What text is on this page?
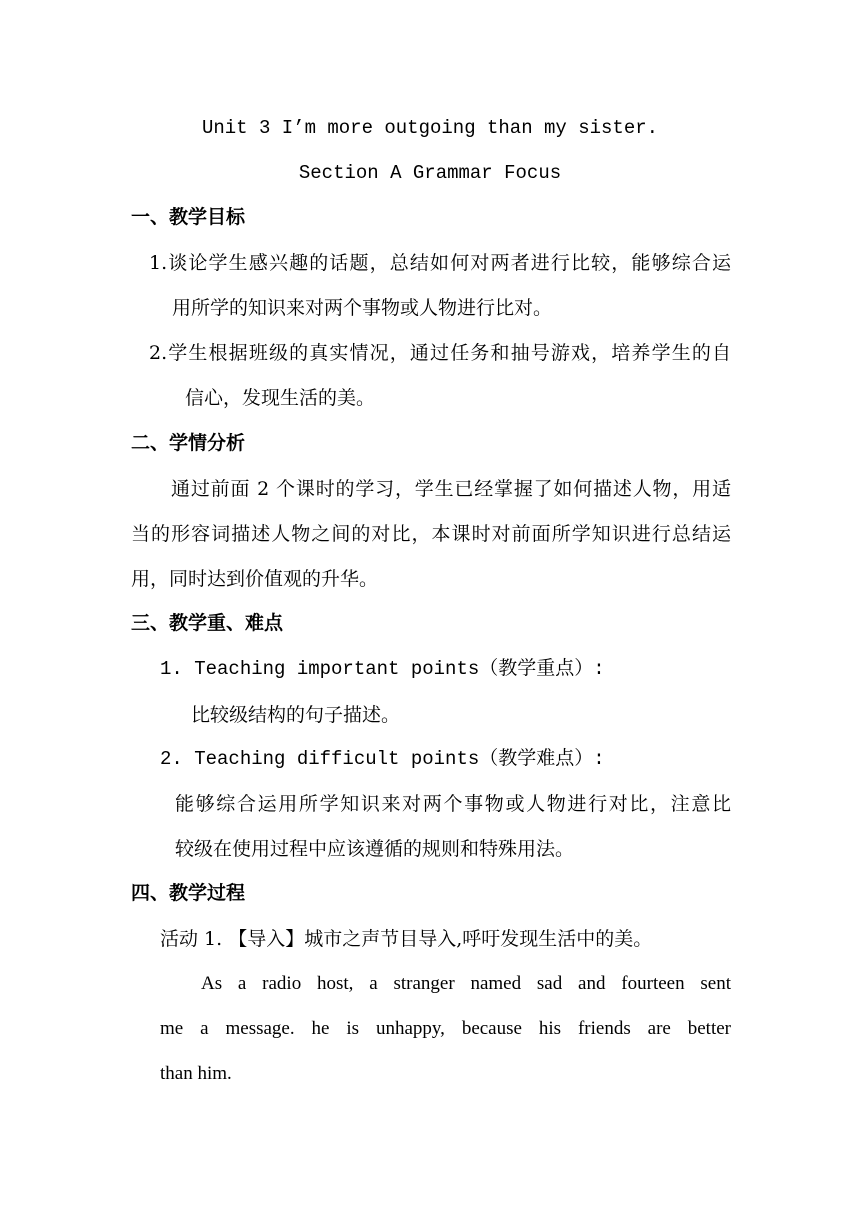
Unit 3 I’m more outgoing than my sister.
Section A Grammar Focus
一、教学目标
1.谈论学生感兴趣的话题，总结如何对两者进行比较，能够综合运
用所学的知识来对两个事物或人物进行比对。
2.学生根据班级的真实情况，通过任务和抽号游戏，培养学生的自
信心，发现生活的美。
二、学情分析
通过前面 2 个课时的学习，学生已经掌握了如何描述人物，用适
当的形容词描述人物之间的对比，本课时对前面所学知识进行总结运
用，同时达到价值观的升华。
三、教学重、难点
1. Teaching important points（教学重点）:
比较级结构的句子描述。
2. Teaching difficult points（教学难点）:
能够综合运用所学知识来对两个事物或人物进行对比，注意比
较级在使用过程中应该遵循的规则和特殊用法。
四、教学过程
活动 1. 【导入】城市之声节目导入,呼吁发现生活中的美。
As a radio host, a stranger named sad and fourteen sent
me a message. he is unhappy, because his friends are better
than him.
